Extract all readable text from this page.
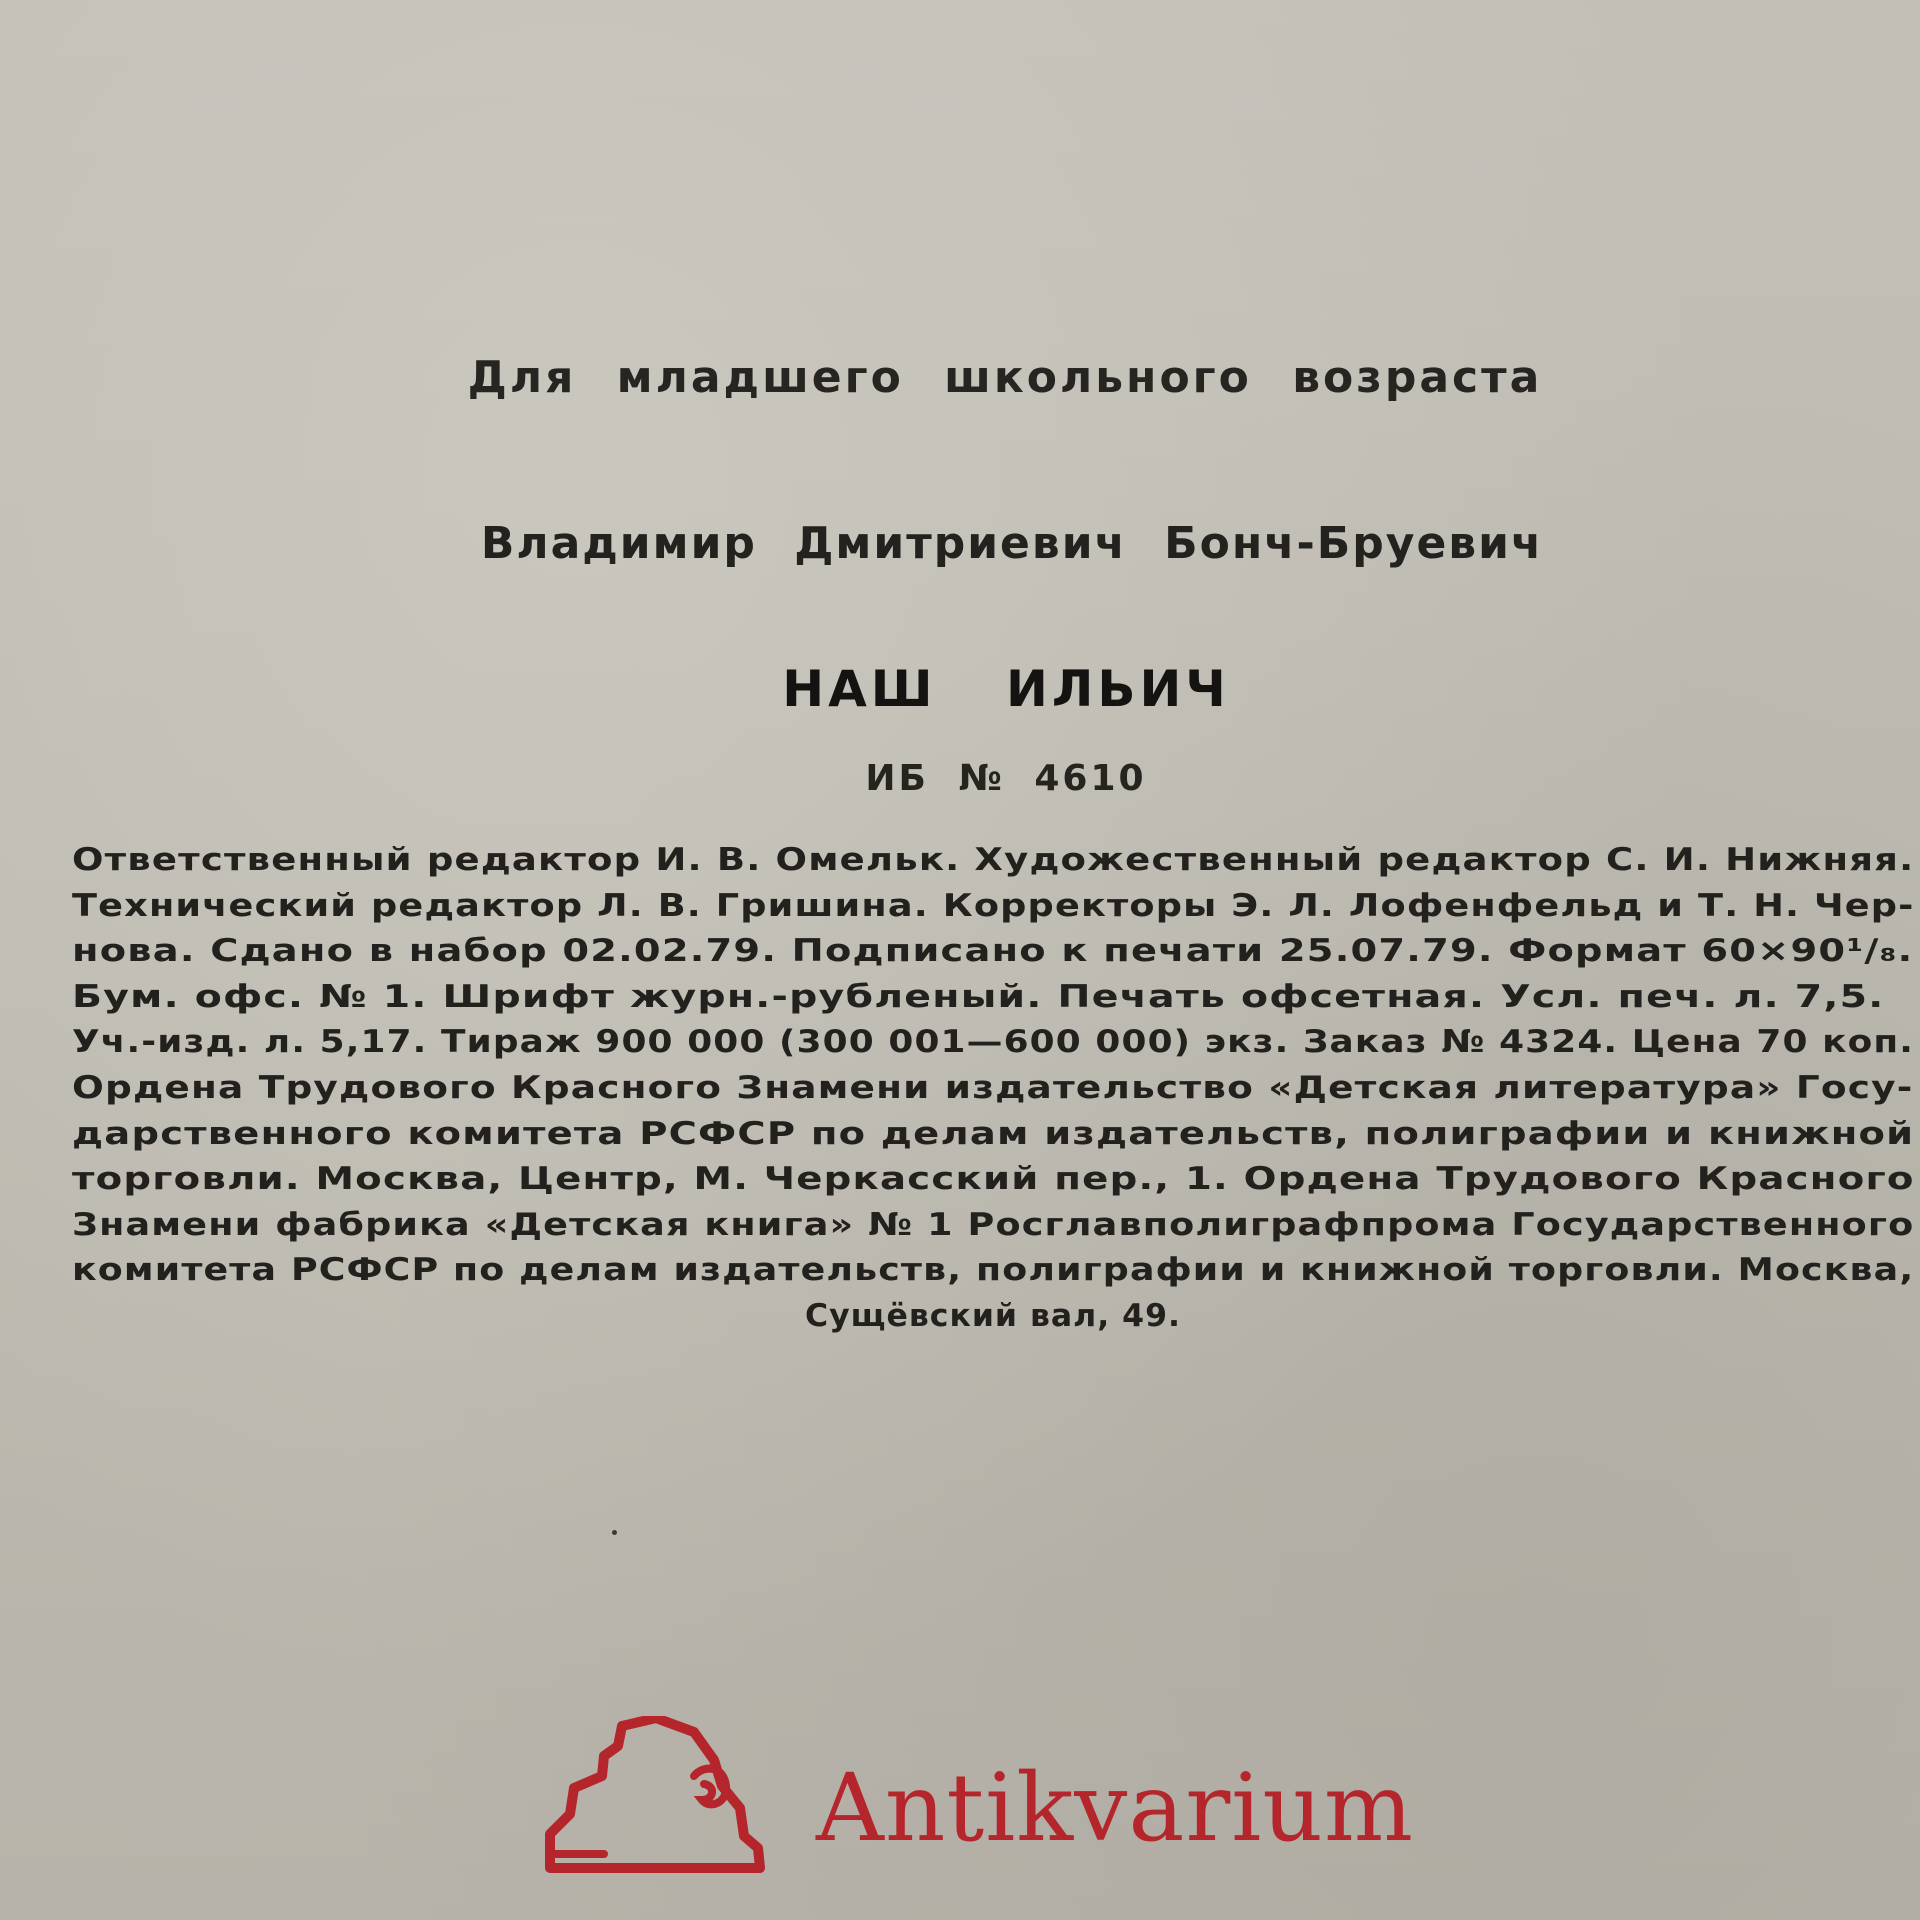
Для младшего школьного возраста
Владимир Дмитриевич Бонч-Бруевич
НАШ ИЛЬИЧ
ИБ № 4610
Ответственный редактор И. В. Омельк. Художественный редактор С. И. Нижняя.
Технический редактор Л. В. Гришина. Корректоры Э. Л. Лофенфельд и Т. Н. Чер-
нова. Сдано в набор 02.02.79. Подписано к печати 25.07.79. Формат 60×90¹/₈.
Бум. офс. № 1. Шрифт журн.-рубленый. Печать офсетная. Усл. печ. л. 7,5.
Уч.-изд. л. 5,17. Тираж 900 000 (300 001—600 000) экз. Заказ № 4324. Цена 70 коп.
Ордена Трудового Красного Знамени издательство «Детская литература» Госу-
дарственного комитета РСФСР по делам издательств, полиграфии и книжной
торговли. Москва, Центр, М. Черкасский пер., 1. Ордена Трудового Красного
Знамени фабрика «Детская книга» № 1 Росглавполиграфпрома Государственного
комитета РСФСР по делам издательств, полиграфии и книжной торговли. Москва,
Сущёвский вал, 49.
Antikvarium
